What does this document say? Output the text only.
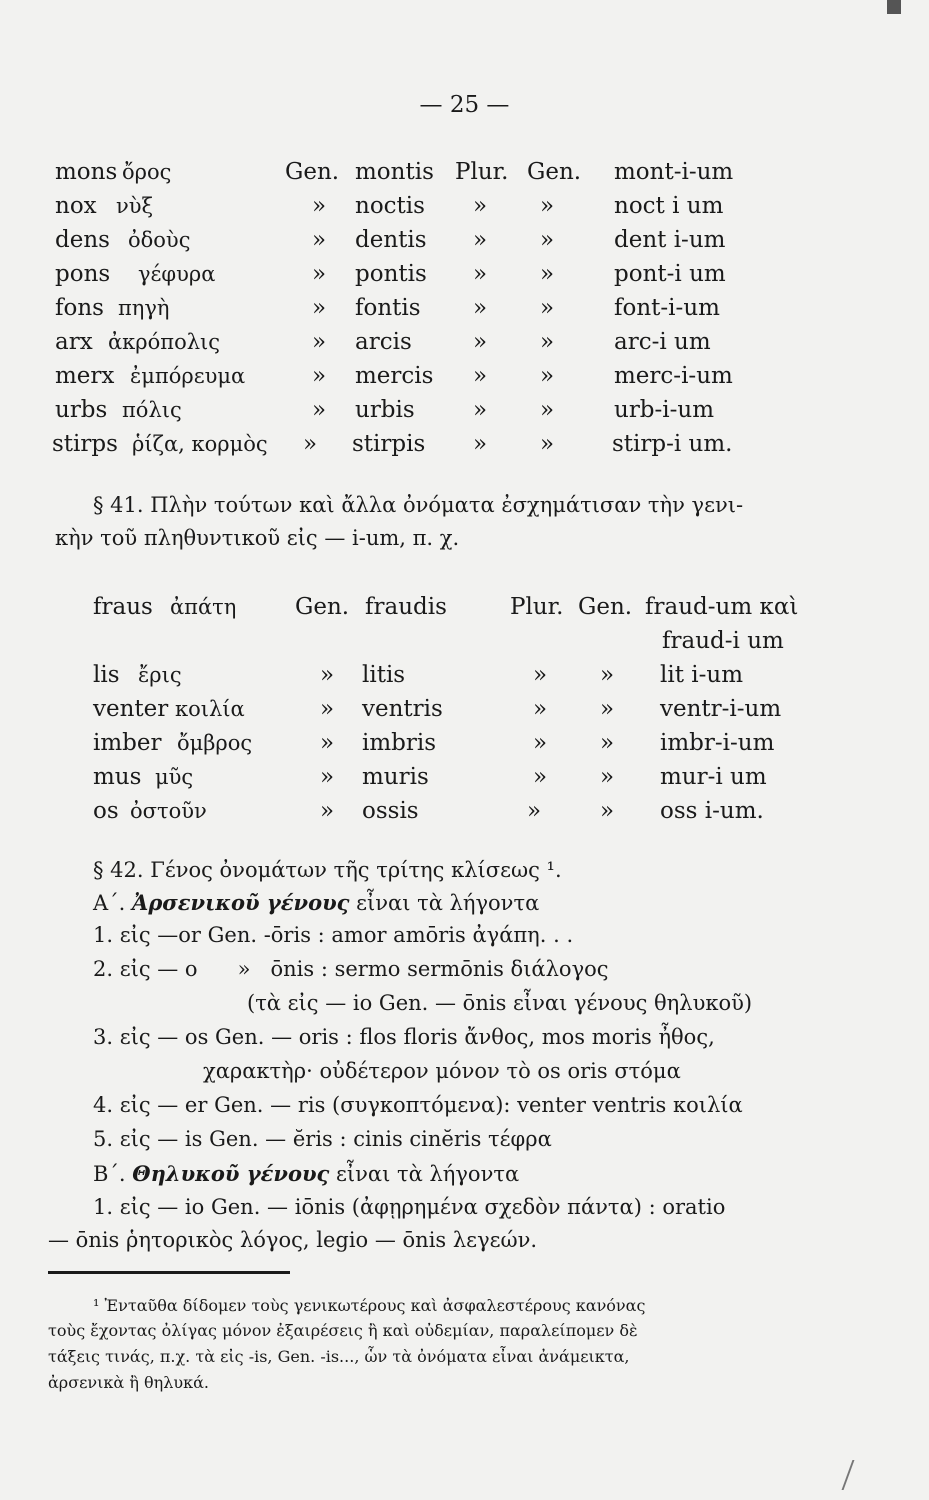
— 25 —
mons ὄρος	Gen. montis Plur. Gen. mont-i-um
nox νὺξ	» noctis » »	noct i um
dens ὀδοὺς	» dentis » »	dent i-um
pons γέφυρα	» pontis » »	pont-i um
fons πηγὴ	» fontis » »	font-i-um
arx ἀκρόπολις	» arcis	» »	arc-i um
merx ἐμπόρευμα	» mercis » »	merc-i-um
urbs πόλις	» urbis	» »	urb-i-um
stirps ῥίζα, κορμὸς » stirpis » »	stirp-i um.
§ 41. Πλὴν τούτων καὶ ἄλλα ὀνόματα ἐσχημάτισαν τὴν γενι-
κὴν τοῦ πληθυντικοῦ εἰς — i-um, π. χ.
fraus ἀπάτη	Gen. fraudis	Plur. Gen. fraud-um καὶ
fraud-i um
lis ἔρις	» litis	» » lit i-um
venter κοιλία	» ventris	» » ventr-i-um
imber ὄμβρος	» imbris	» » imbr-i-um
mus μῦς	» muris	» » mur-i um
os ὀστοῦν	» ossis	»	» oss i-um.
§ 42. Γένος ὀνομάτων τῆς τρίτης κλίσεως ¹.
Α΄. Ἀρσενικοῦ γένους εἶναι τὰ λήγοντα
1. εἰς —or Gen. -ōris : amor amōris ἀγάπη. . .
2. εἰς — o      »   ōnis : sermo sermōnis διάλογος
(τὰ εἰς — io Gen. — ōnis εἶναι γένους θηλυκοῦ)
3. εἰς — os Gen. — oris : flos floris ἄνθος, mos moris ἦθος,
χαρακτὴρ· οὐδέτερον μόνον τὸ os oris στόμα
4. εἰς — er Gen. — ris (συγκοπτόμενα): venter ventris κοιλία
5. εἰς — is Gen. — ĕris : cinis cinĕris τέφρα
Β΄. Θηλυκοῦ γένους εἶναι τὰ λήγοντα
1. εἰς — io Gen. — iōnis (ἀφῃρημένα σχεδὸν πάντα) : oratio
— ōnis ῥητορικὸς λόγος, legio — ōnis λεγεών.
¹ Ἐνταῦθα δίδομεν τοὺς γενικωτέρους καὶ ἀσφαλεστέρους κανόνας
τοὺς ἔχοντας ὀλίγας μόνον ἐξαιρέσεις ἢ καὶ οὐδεμίαν, παραλείπομεν δὲ
τάξεις τινάς, π.χ. τὰ εἰς -is, Gen. -is..., ὧν τὰ ὀνόματα εἶναι ἀνάμεικτα,
ἀρσενικὰ ἢ θηλυκά.
